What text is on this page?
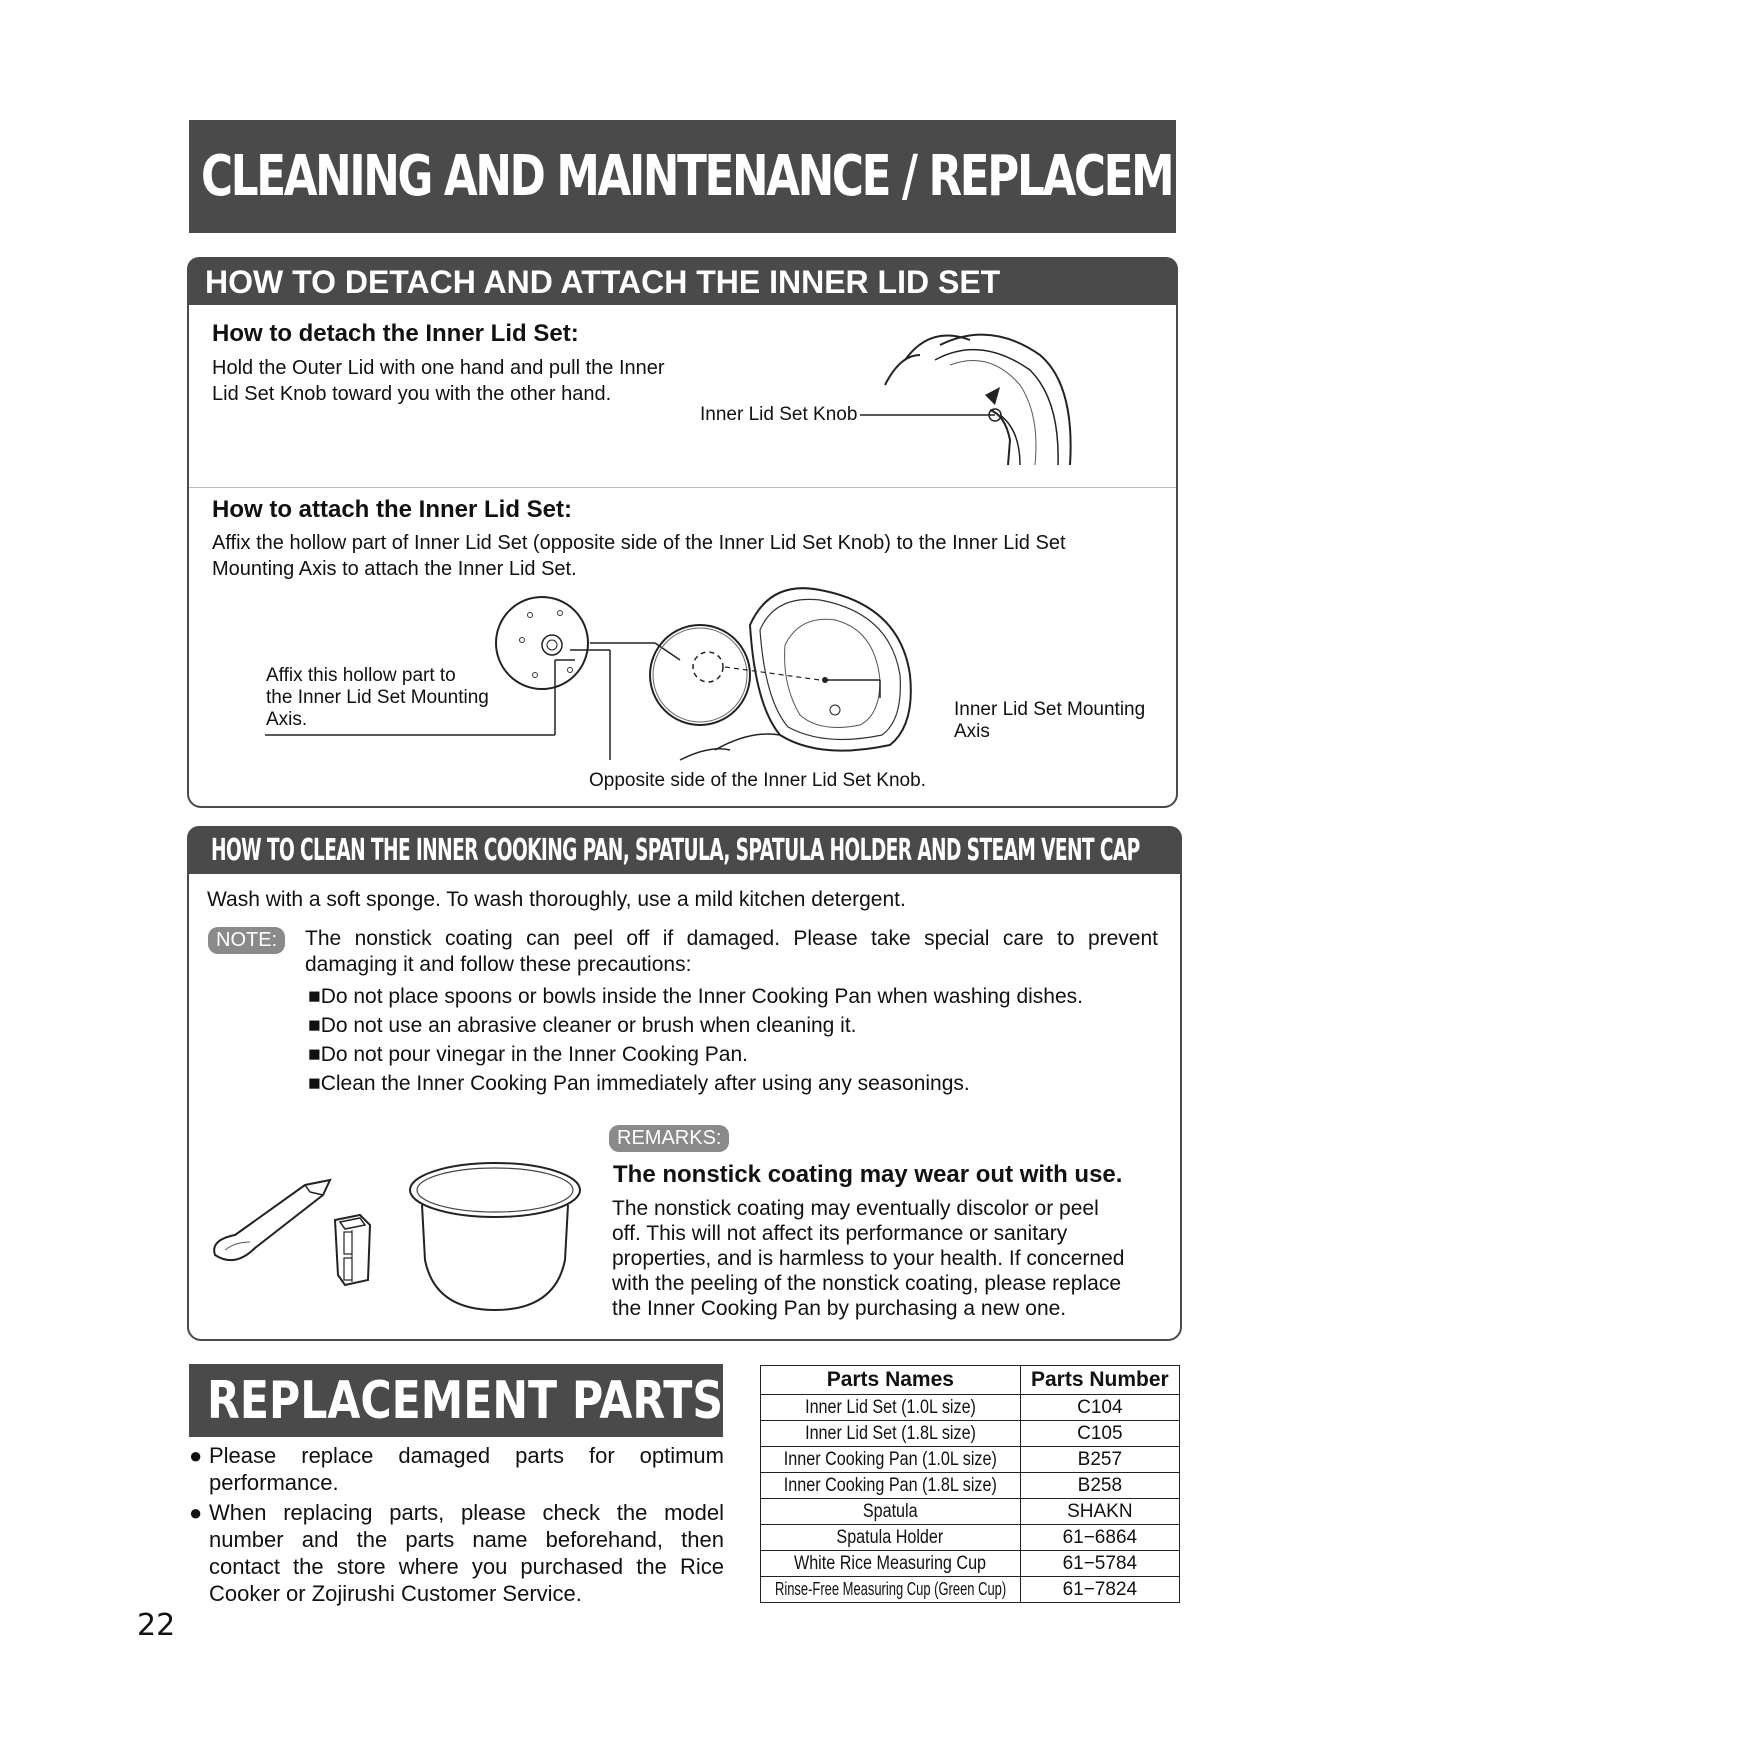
CLEANING AND MAINTENANCE / REPLACEMENT PARTS
HOW TO DETACH AND ATTACH THE INNER LID SET
How to detach the Inner Lid Set:
Hold the Outer Lid with one hand and pull the Inner
Lid Set Knob toward you with the other hand.
Inner Lid Set Knob
How to attach the Inner Lid Set:
Affix the hollow part of Inner Lid Set (opposite side of the Inner Lid Set Knob) to the Inner Lid Set
Mounting Axis to attach the Inner Lid Set.
Affix this hollow part to
the Inner Lid Set Mounting
Axis.	Inner Lid Set Mounting
Axis
Opposite side of the Inner Lid Set Knob.
HOW TO CLEAN THE INNER COOKING PAN, SPATULA, SPATULA HOLDER AND STEAM VENT CAP
Wash with a soft sponge. To wash thoroughly, use a mild kitchen detergent.
NOTE:	The nonstick coating can peel off if damaged. Please take special care to prevent
damaging it and follow these precautions:
■Do not place spoons or bowls inside the Inner Cooking Pan when washing dishes.
■Do not use an abrasive cleaner or brush when cleaning it.
■Do not pour vinegar in the Inner Cooking Pan.
■Clean the Inner Cooking Pan immediately after using any seasonings.
REMARKS:
The nonstick coating may wear out with use.
The nonstick coating may eventually discolor or peel
off. This will not affect its performance or sanitary
properties, and is harmless to your health. If concerned
with the peeling of the nonstick coating, please replace
the Inner Cooking Pan by purchasing a new one.
REPLACEMENT PARTS
● Please replace damaged parts for optimum
performance.
● When replacing parts, please check the model
number and the parts name beforehand, then
contact the store where you purchased the Rice
Cooker or Zojirushi Customer Service.
Parts Names	Parts Number
Inner Lid Set (1.0L size)	C104
Inner Lid Set (1.8L size)	C105
Inner Cooking Pan (1.0L size)	B257
Inner Cooking Pan (1.8L size)	B258
Spatula	SHAKN
Spatula Holder	61−6864
White Rice Measuring Cup	61−5784
Rinse-Free Measuring Cup (Green Cup)	61−7824
22
